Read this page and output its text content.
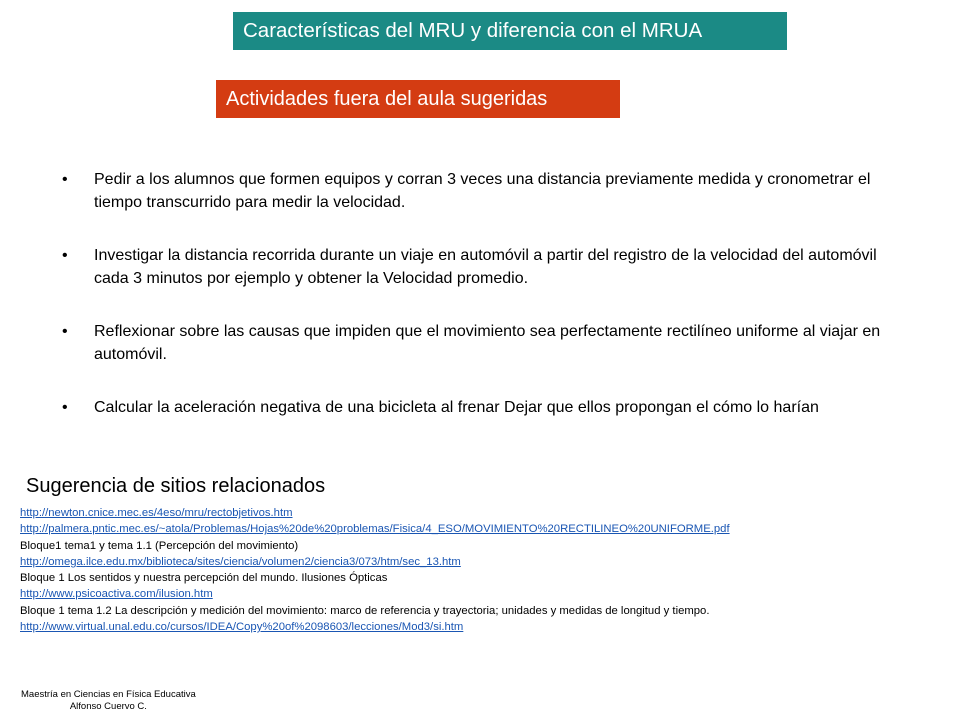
Características del MRU y diferencia con el MRUA
Actividades fuera del aula sugeridas
• Pedir a los alumnos que formen equipos y corran 3 veces una distancia previamente medida y cronometrar el tiempo transcurrido para medir la velocidad.
• Investigar la distancia recorrida durante un viaje en automóvil a partir del registro de la velocidad del automóvil cada 3 minutos por ejemplo y obtener la Velocidad promedio.
• Reflexionar sobre las causas que impiden que el movimiento sea perfectamente rectilíneo uniforme al viajar en automóvil.
• Calcular la aceleración negativa de una bicicleta al frenar Dejar que ellos propongan el cómo lo harían
Sugerencia de sitios relacionados
http://newton.cnice.mec.es/4eso/mru/rectobjetivos.htm
http://palmera.pntic.mec.es/~atola/Problemas/Hojas%20de%20problemas/Fisica/4_ESO/MOVIMIENTO%20RECTILINEO%20UNIFORME.pdf
Bloque1 tema1 y tema 1.1 (Percepción del movimiento)
http://omega.ilce.edu.mx/biblioteca/sites/ciencia/volumen2/ciencia3/073/htm/sec_13.htm
Bloque 1 Los sentidos y nuestra percepción del mundo. Ilusiones Ópticas
http://www.psicoactiva.com/ilusion.htm
Bloque 1 tema 1.2 La descripción y medición del movimiento: marco de referencia y trayectoria; unidades y medidas de longitud y tiempo.
http://www.virtual.unal.edu.co/cursos/IDEA/Copy%20of%2098603/lecciones/Mod3/si.htm
Maestría en Ciencias en Física Educativa
Alfonso Cuervo C.
